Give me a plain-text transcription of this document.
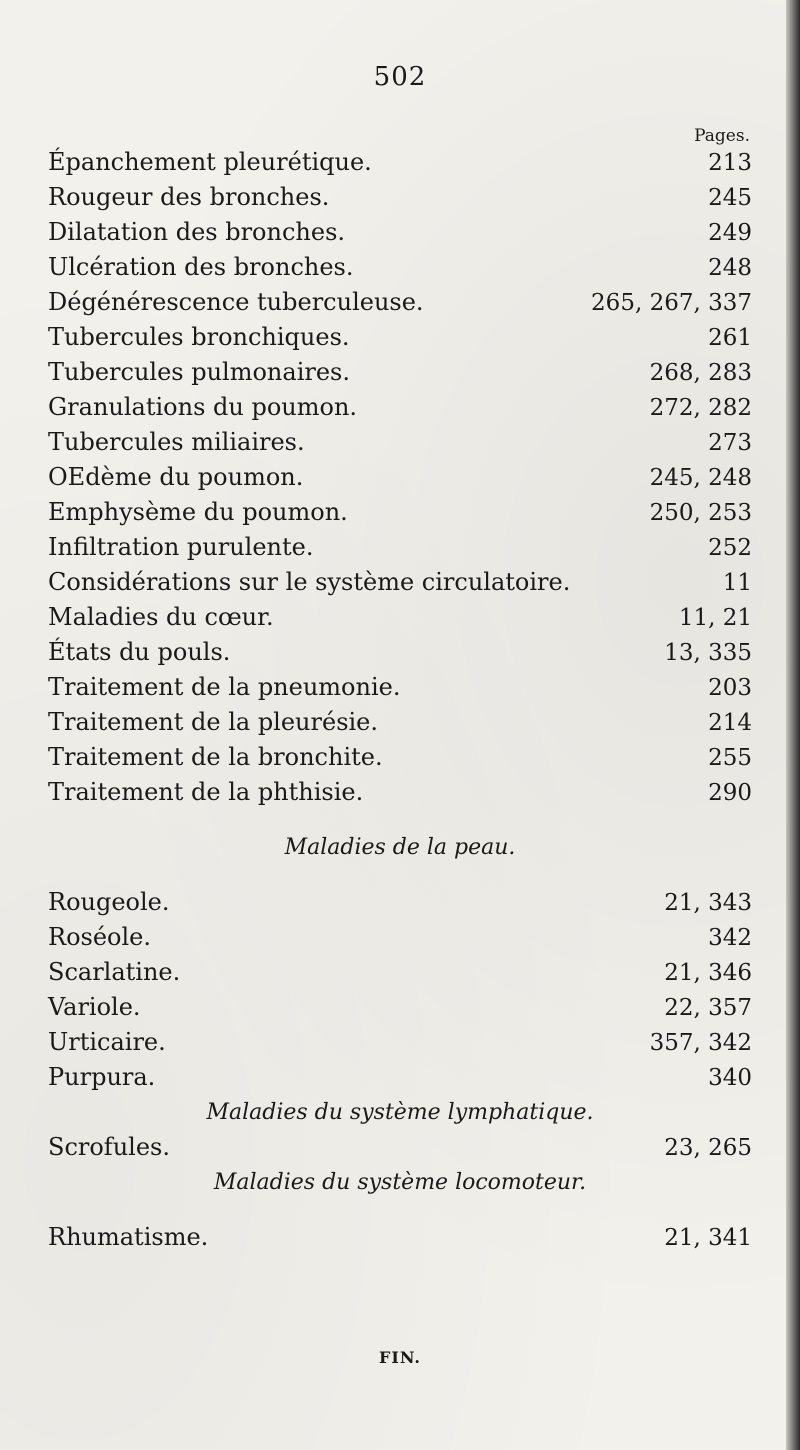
502
Pages.
Épanchement pleurétique.	213
Rougeur des bronches.	245
Dilatation des bronches.	249
Ulcération des bronches.	248
Dégénérescence tuberculeuse.	265, 267, 337
Tubercules bronchiques.	261
Tubercules pulmonaires.	268, 283
Granulations du poumon.	272, 282
Tubercules miliaires.	273
OEdème du poumon.	245, 248
Emphysème du poumon.	250, 253
Infiltration purulente.	252
Considérations sur le système circulatoire.	11
Maladies du cœur.	11, 21
États du pouls.	13, 335
Traitement de la pneumonie.	203
Traitement de la pleurésie.	214
Traitement de la bronchite.	255
Traitement de la phthisie.	290
Maladies de la peau.
Rougeole.	21, 343
Roséole.	342
Scarlatine.	21, 346
Variole.	22, 357
Urticaire.	357, 342
Purpura.	340
Maladies du système lymphatique.
Scrofules.	23, 265
Maladies du système locomoteur.
Rhumatisme.	21, 341
FIN.
